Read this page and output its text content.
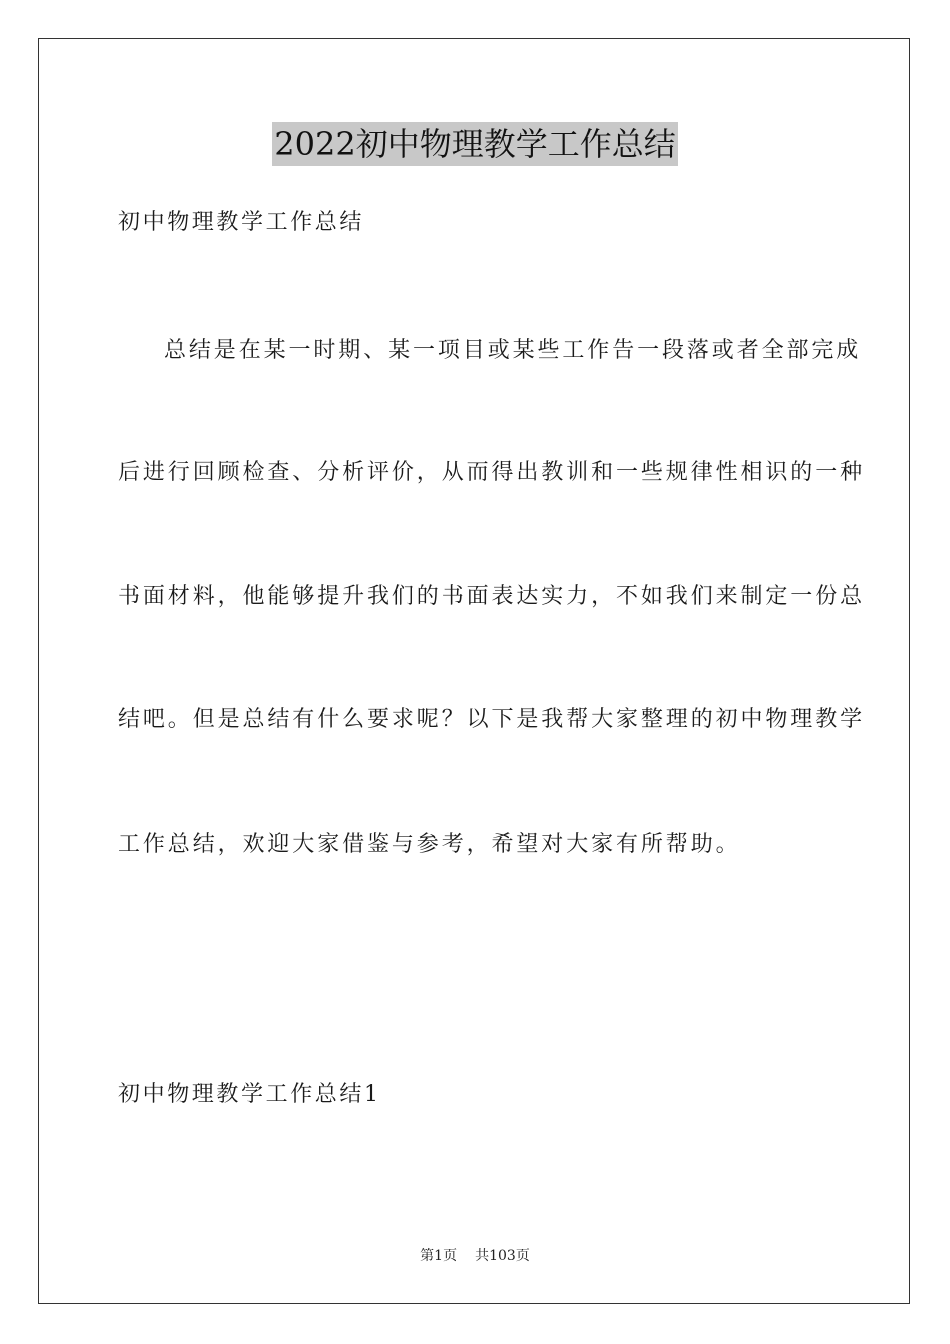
2022初中物理教学工作总结
初中物理教学工作总结
总结是在某一时期、某一项目或某些工作告一段落或者全部完成
后进行回顾检查、分析评价，从而得出教训和一些规律性相识的一种
书面材料，他能够提升我们的书面表达实力，不如我们来制定一份总
结吧。但是总结有什么要求呢？以下是我帮大家整理的初中物理教学
工作总结，欢迎大家借鉴与参考，希望对大家有所帮助。
初中物理教学工作总结1
第1页 共103页
